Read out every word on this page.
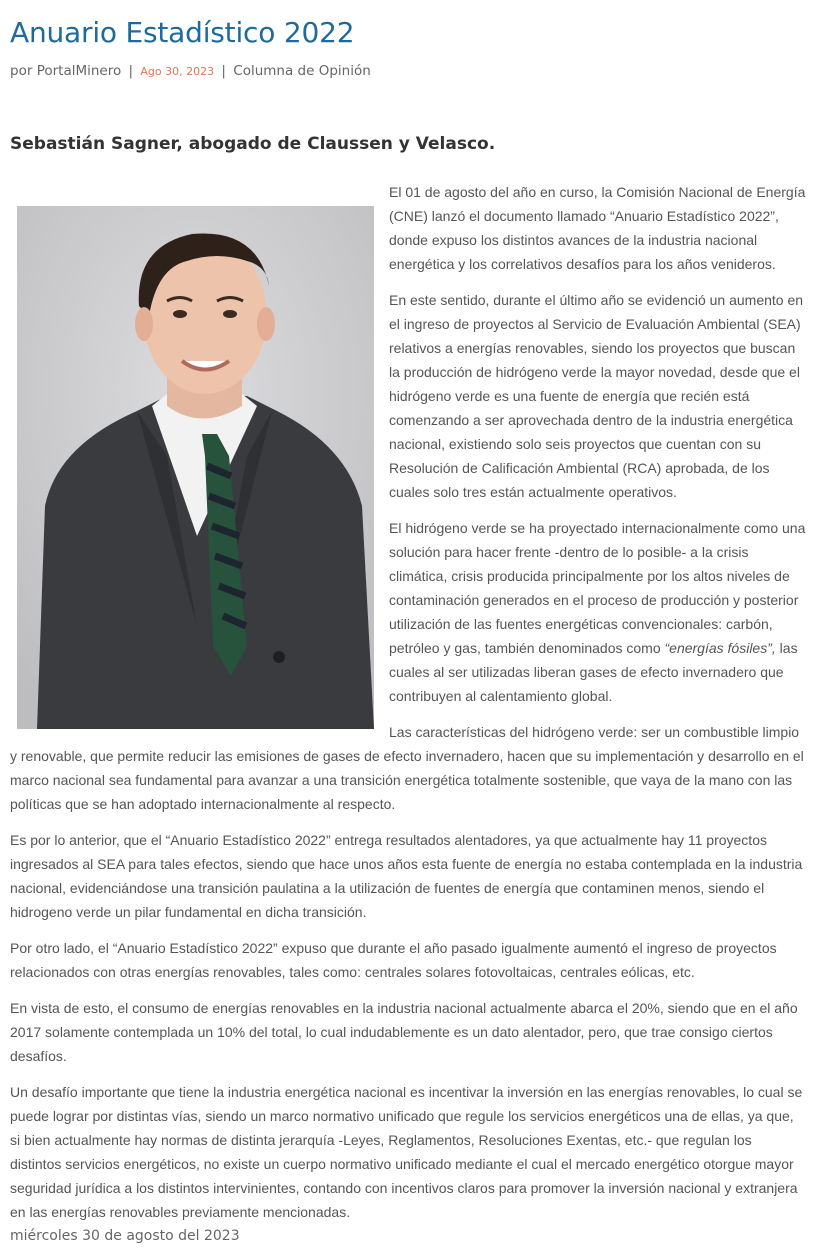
Anuario Estadístico 2022
por PortalMinero | Ago 30, 2023 | Columna de Opinión
Sebastián Sagner, abogado de Claussen y Velasco.

El 01 de agosto del año en curso, la Comisión Nacional de Energía (CNE) lanzó el documento llamado “Anuario Estadístico 2022”, donde expuso los distintos avances de la industria nacional energética y los correlativos desafíos para los años venideros.

En este sentido, durante el último año se evidenció un aumento en el ingreso de proyectos al Servicio de Evaluación Ambiental (SEA) relativos a energías renovables, siendo los proyectos que buscan la producción de hidrógeno verde la mayor novedad, desde que el hidrógeno verde es una fuente de energía que recién está comenzando a ser aprovechada dentro de la industria energética nacional, existiendo solo seis proyectos que cuentan con su Resolución de Calificación Ambiental (RCA) aprobada, de los cuales solo tres están actualmente operativos.

El hidrógeno verde se ha proyectado internacionalmente como una solución para hacer frente -dentro de lo posible- a la crisis climática, crisis producida principalmente por los altos niveles de contaminación generados en el proceso de producción y posterior utilización de las fuentes energéticas convencionales: carbón, petróleo y gas, también denominados como “energías fósiles”, las cuales al ser utilizadas liberan gases de efecto invernadero que contribuyen al calentamiento global.

Las características del hidrógeno verde: ser un combustible limpio y renovable, que permite reducir las emisiones de gases de efecto invernadero, hacen que su implementación y desarrollo en el marco nacional sea fundamental para avanzar a una transición energética totalmente sostenible, que vaya de la mano con las políticas que se han adoptado internacionalmente al respecto.

Es por lo anterior, que el “Anuario Estadístico 2022” entrega resultados alentadores, ya que actualmente hay 11 proyectos ingresados al SEA para tales efectos, siendo que hace unos años esta fuente de energía no estaba contemplada en la industria nacional, evidenciándose una transición paulatina a la utilización de fuentes de energía que contaminen menos, siendo el hidrogeno verde un pilar fundamental en dicha transición.

Por otro lado, el “Anuario Estadístico 2022” expuso que durante el año pasado igualmente aumentó el ingreso de proyectos relacionados con otras energías renovables, tales como: centrales solares fotovoltaicas, centrales eólicas, etc.

En vista de esto, el consumo de energías renovables en la industria nacional actualmente abarca el 20%, siendo que en el año 2017 solamente contemplada un 10% del total, lo cual indudablemente es un dato alentador, pero, que trae consigo ciertos desafíos.

Un desafío importante que tiene la industria energética nacional es incentivar la inversión en las energías renovables, lo cual se puede lograr por distintas vías, siendo un marco normativo unificado que regule los servicios energéticos una de ellas, ya que, si bien actualmente hay normas de distinta jerarquía -Leyes, Reglamentos, Resoluciones Exentas, etc.- que regulan los distintos servicios energéticos, no existe un cuerpo normativo unificado mediante el cual el mercado energético otorgue mayor seguridad jurídica a los distintos intervinientes, contando con incentivos claros para promover la inversión nacional y extranjera en las energías renovables previamente mencionadas.

miércoles 30 de agosto del 2023
